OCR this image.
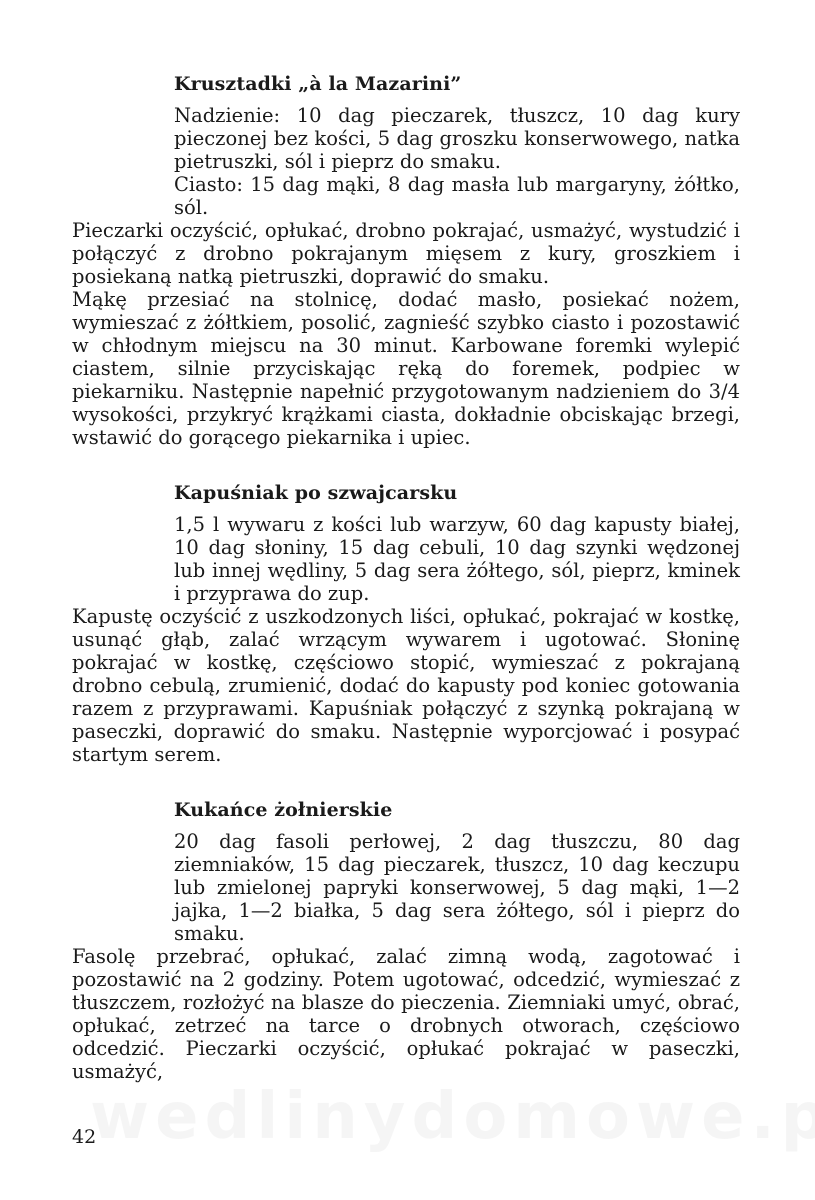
Krusztadki „à la Mazarini”

Nadzienie: 10 dag pieczarek, tłuszcz, 10 dag kury pieczonej bez kości, 5 dag groszku konserwowego, natka pietruszki, sól i pieprz do smaku.

Ciasto: 15 dag mąki, 8 dag masła lub margaryny, żółtko, sól.

Pieczarki oczyścić, opłukać, drobno pokrajać, usmażyć, wystudzić i połączyć z drobno pokrajanym mięsem z kury, groszkiem i posiekaną natką pietruszki, doprawić do smaku.

Mąkę przesiać na stolnicę, dodać masło, posiekać nożem, wymieszać z żółtkiem, posolić, zagnieść szybko ciasto i pozostawić w chłodnym miejscu na 30 minut. Karbowane foremki wylepić ciastem, silnie przyciskając ręką do foremek, podpiec w piekarniku. Następnie napełnić przygotowanym nadzieniem do 3/4 wysokości, przykryć krążkami ciasta, dokładnie obciskając brzegi, wstawić do gorącego piekarnika i upiec.

Kapuśniak po szwajcarsku

1,5 l wywaru z kości lub warzyw, 60 dag kapusty białej, 10 dag słoniny, 15 dag cebuli, 10 dag szynki wędzonej lub innej wędliny, 5 dag sera żółtego, sól, pieprz, kminek i przyprawa do zup.

Kapustę oczyścić z uszkodzonych liści, opłukać, pokrajać w kostkę, usunąć głąb, zalać wrzącym wywarem i ugotować. Słoninę pokrajać w kostkę, częściowo stopić, wymieszać z pokrajaną drobno cebulą, zrumienić, dodać do kapusty pod koniec gotowania razem z przyprawami. Kapuśniak połączyć z szynką pokrajaną w paseczki, doprawić do smaku. Następnie wyporcjować i posypać startym serem.

Kukańce żołnierskie

20 dag fasoli perłowej, 2 dag tłuszczu, 80 dag ziemniaków, 15 dag pieczarek, tłuszcz, 10 dag keczupu lub zmielonej papryki konserwowej, 5 dag mąki, 1—2 jajka, 1—2 białka, 5 dag sera żółtego, sól i pieprz do smaku.

Fasolę przebrać, opłukać, zalać zimną wodą, zagotować i pozostawić na 2 godziny. Potem ugotować, odcedzić, wymieszać z tłuszczem, rozłożyć na blasze do pieczenia. Ziemniaki umyć, obrać, opłukać, zetrzeć na tarce o drobnych otworach, częściowo odcedzić. Pieczarki oczyścić, opłukać pokrajać w paseczki, usmażyć,

42
